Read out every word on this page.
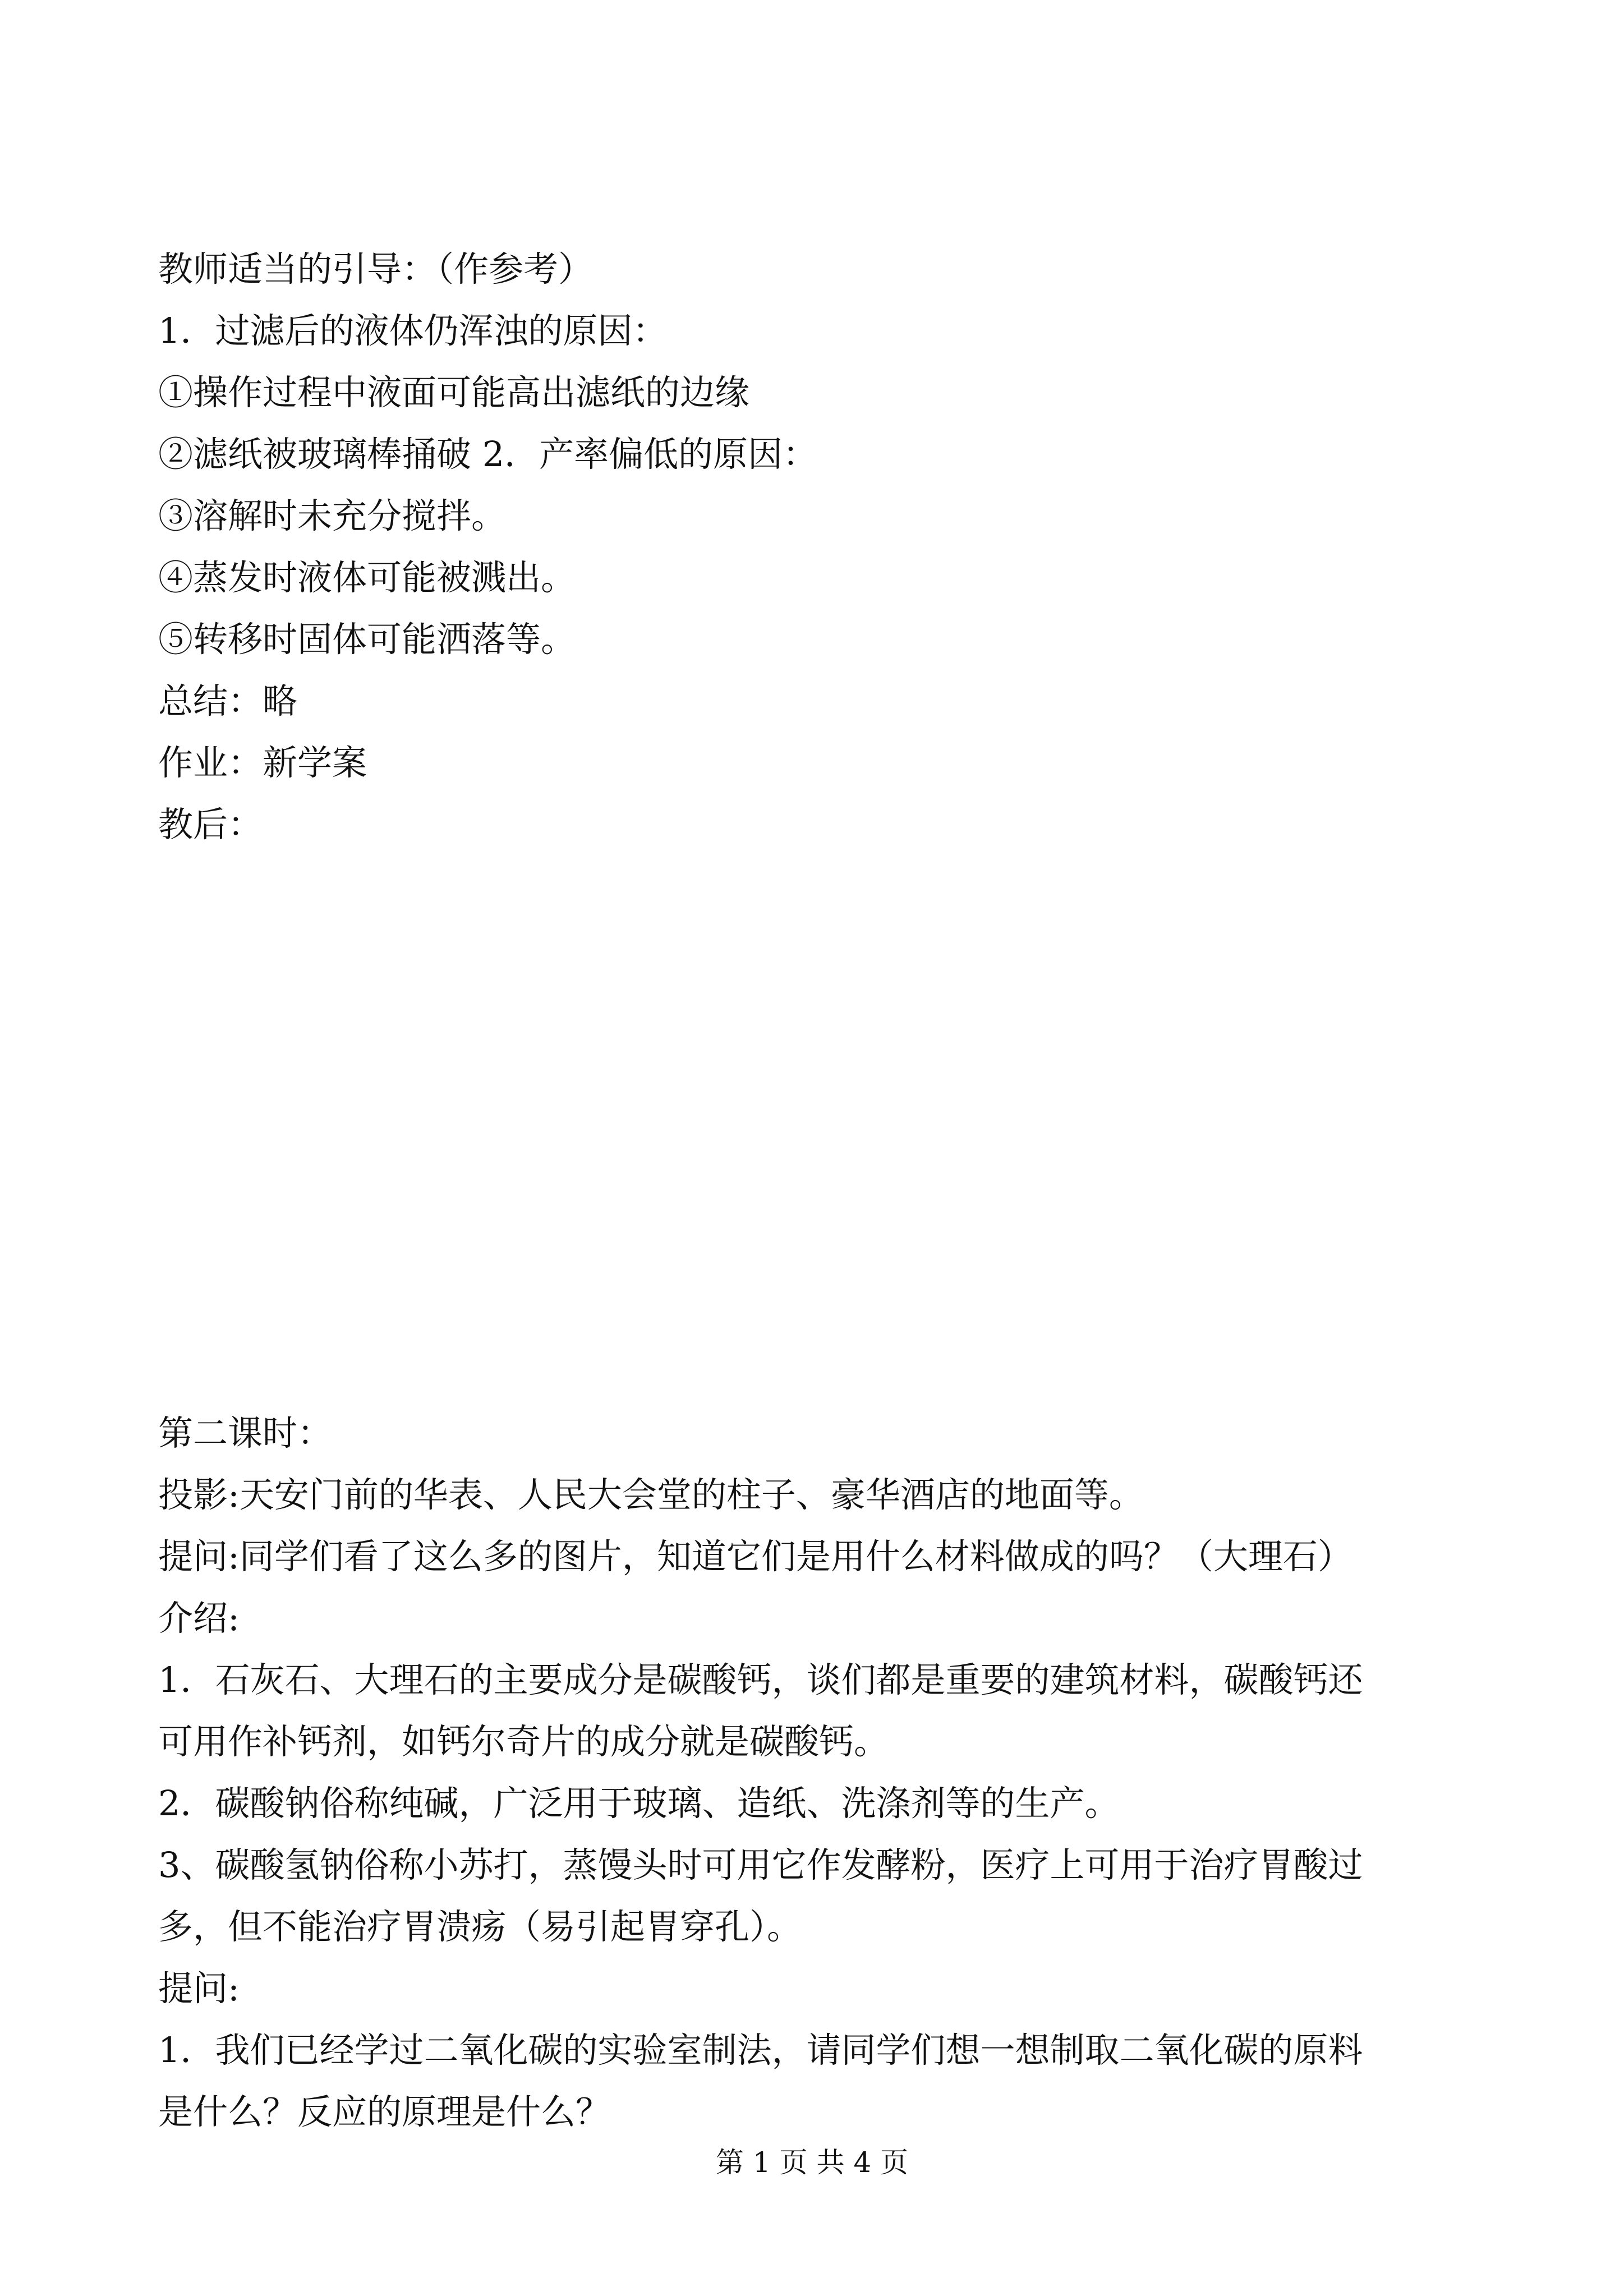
教师适当的引导：（作参考）
1．过滤后的液体仍浑浊的原因：
①操作过程中液面可能高出滤纸的边缘
②滤纸被玻璃棒捅破 2．产率偏低的原因：
③溶解时未充分搅拌。
④蒸发时液体可能被溅出。
⑤转移时固体可能洒落等。
总结：略
作业：新学案
教后：
第二课时：
投影:天安门前的华表、人民大会堂的柱子、豪华酒店的地面等。
提问:同学们看了这么多的图片，知道它们是用什么材料做成的吗？（大理石）
介绍:
1．石灰石、大理石的主要成分是碳酸钙，谈们都是重要的建筑材料，碳酸钙还
可用作补钙剂，如钙尔奇片的成分就是碳酸钙。
2．碳酸钠俗称纯碱，广泛用于玻璃、造纸、洗涤剂等的生产。
3、碳酸氢钠俗称小苏打，蒸馒头时可用它作发酵粉，医疗上可用于治疗胃酸过
多，但不能治疗胃溃疡（易引起胃穿孔）。
提问:
1．我们已经学过二氧化碳的实验室制法，请同学们想一想制取二氧化碳的原料
是什么？反应的原理是什么？
第 1 页 共 4 页
